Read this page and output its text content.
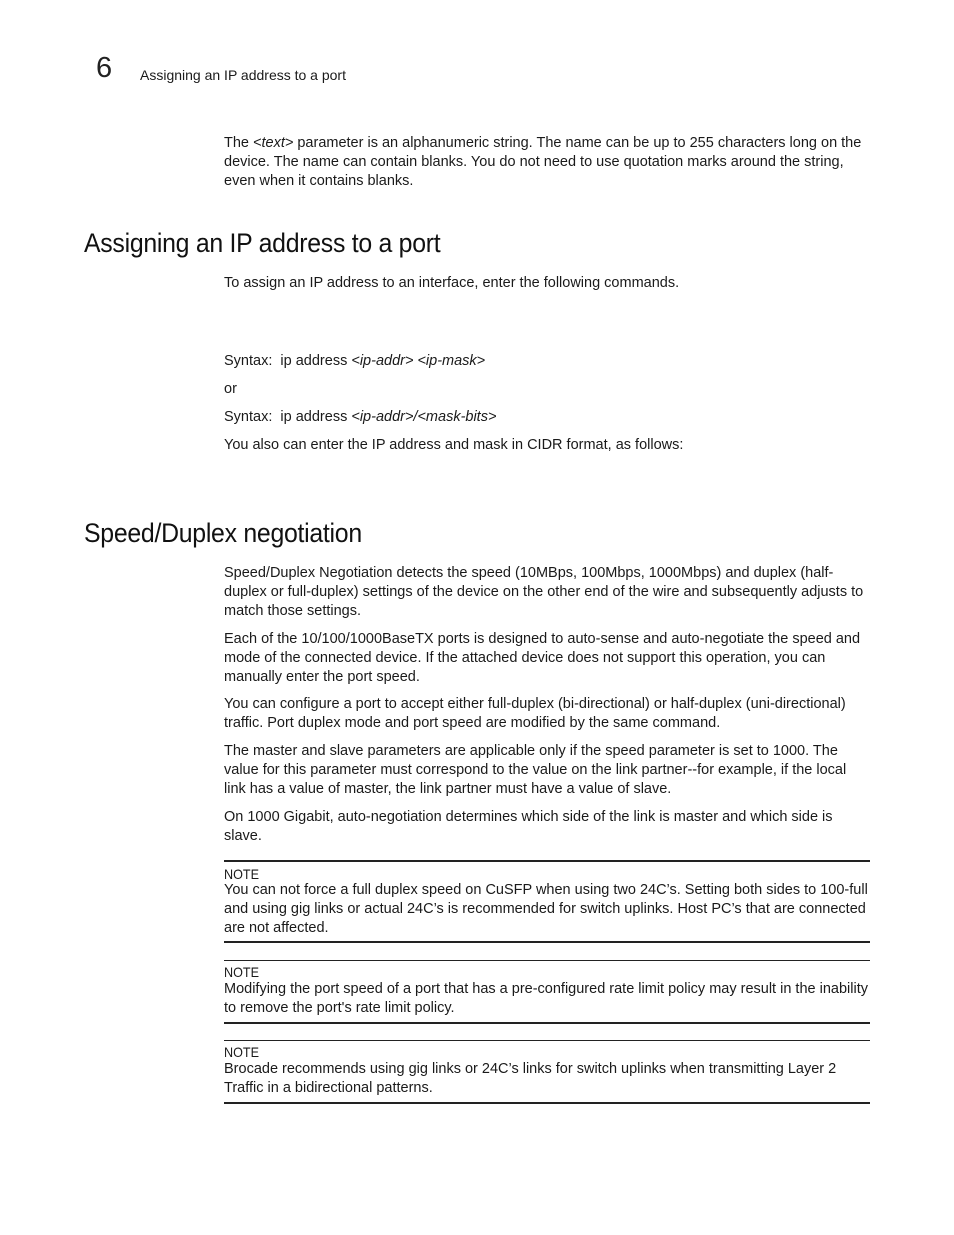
6 Assigning an IP address to a port
The <text> parameter is an alphanumeric string. The name can be up to 255 characters long on the device. The name can contain blanks. You do not need to use quotation marks around the string, even when it contains blanks.
Assigning an IP address to a port
To assign an IP address to an interface, enter the following commands.
Syntax: ip address <ip-addr> <ip-mask>
or
Syntax: ip address <ip-addr>/<mask-bits>
You also can enter the IP address and mask in CIDR format, as follows:
Speed/Duplex negotiation
Speed/Duplex Negotiation detects the speed (10MBps, 100Mbps, 1000Mbps) and duplex (half-duplex or full-duplex) settings of the device on the other end of the wire and subsequently adjusts to match those settings.
Each of the 10/100/1000BaseTX ports is designed to auto-sense and auto-negotiate the speed and mode of the connected device. If the attached device does not support this operation, you can manually enter the port speed.
You can configure a port to accept either full-duplex (bi-directional) or half-duplex (uni-directional) traffic. Port duplex mode and port speed are modified by the same command.
The master and slave parameters are applicable only if the speed parameter is set to 1000. The value for this parameter must correspond to the value on the link partner--for example, if the local link has a value of master, the link partner must have a value of slave.
On 1000 Gigabit, auto-negotiation determines which side of the link is master and which side is slave.
NOTE
You can not force a full duplex speed on CuSFP when using two 24C’s. Setting both sides to 100-full and using gig links or actual 24C’s is recommended for switch uplinks. Host PC’s that are connected are not affected.
NOTE
Modifying the port speed of a port that has a pre-configured rate limit policy may result in the inability to remove the port's rate limit policy.
NOTE
Brocade recommends using gig links or 24C’s links for switch uplinks when transmitting Layer 2 Traffic in a bidirectional patterns.
